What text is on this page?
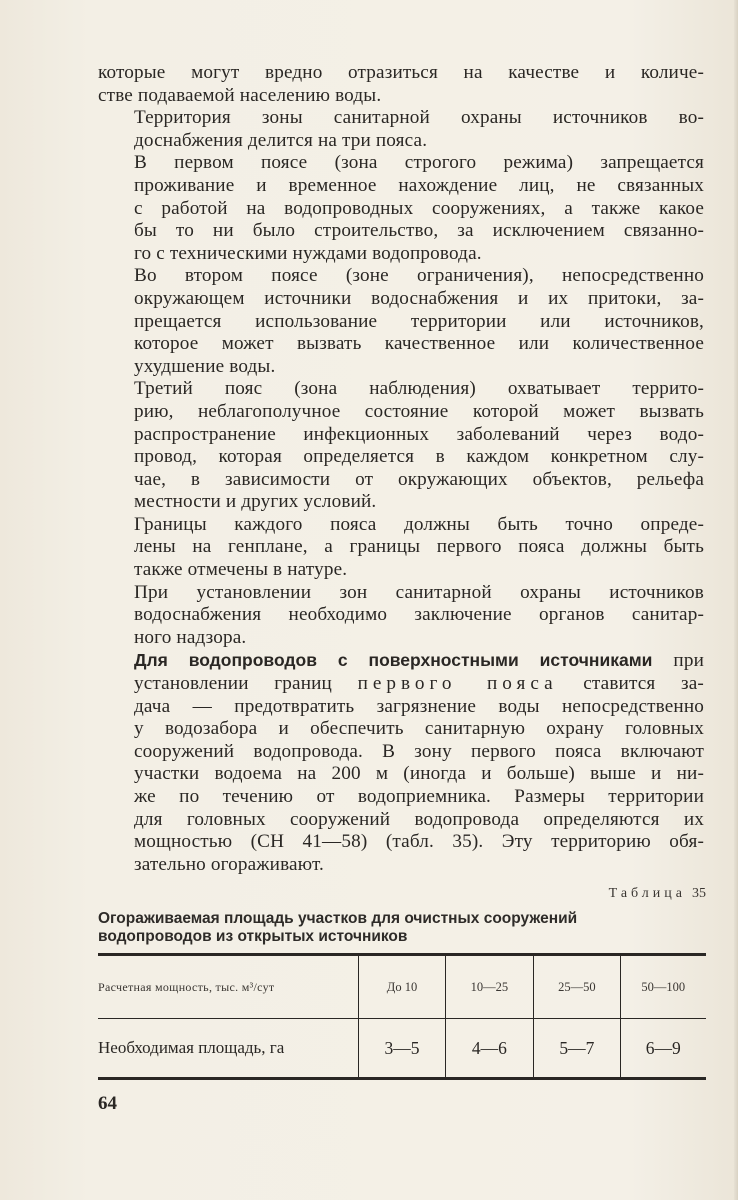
которые могут вредно отразиться на качестве и количе-
стве подаваемой населению воды.

Территория зоны санитарной охраны источников во-
доснабжения делится на три пояса.

В первом поясе (зона строгого режима) запрещается
проживание и временное нахождение лиц, не связанных
с работой на водопроводных сооружениях, а также какое
бы то ни было строительство, за исключением связанно-
го с техническими нуждами водопровода.

Во втором поясе (зоне ограничения), непосредственно
окружающем источники водоснабжения и их притоки, за-
прещается использование территории или источников,
которое может вызвать качественное или количественное
ухудшение воды.

Третий пояс (зона наблюдения) охватывает террито-
рию, неблагополучное состояние которой может вызвать
распространение инфекционных заболеваний через водо-
провод, которая определяется в каждом конкретном слу-
чае, в зависимости от окружающих объектов, рельефа
местности и других условий.

Границы каждого пояса должны быть точно опреде-
лены на генплане, а границы первого пояса должны быть
также отмечены в натуре.

При установлении зон санитарной охраны источников
водоснабжения необходимо заключение органов санитар-
ного надзора.

Для водопроводов с поверхностными источниками при
установлении границ первого пояса ставится за-
дача — предотвратить загрязнение воды непосредственно
у водозабора и обеспечить санитарную охрану головных
сооружений водопровода. В зону первого пояса включают
участки водоема на 200 м (иногда и больше) выше и ни-
же по течению от водоприемника. Размеры территории
для головных сооружений водопровода определяются их
мощностью (СН 41—58) (табл. 35). Эту территорию обя-
зательно огораживают.

Таблица 35
Огораживаемая площадь участков для очистных сооружений
водопроводов из открытых источников
Расчетная мощность, тыс. м³/сут	До 10	10—25	25—50	50—100
Необходимая площадь, га	3—5	4—6	5—7	6—9
64
